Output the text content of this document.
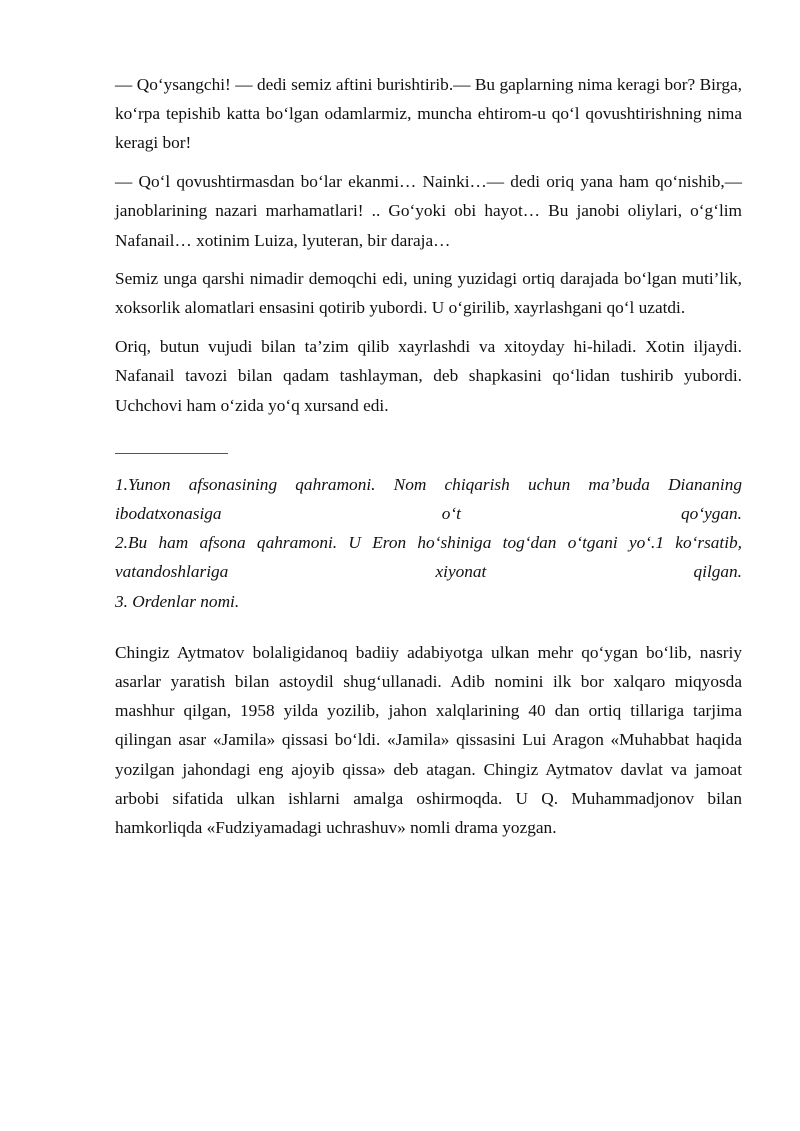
— Qo‘ysangchi! — dedi semiz aftini burishtirib.— Bu gaplarning nima keragi bor? Birga, ko‘rpa tepishib katta bo‘lgan odamlarmiz, muncha ehtirom-u qo‘l qovushtirishning nima keragi bor!

— Qo‘l qovushtirmasdan bo‘lar ekanmi… Nainki…— dedi oriq yana ham qo‘nishib,— janoblarining nazari marhamatlari! .. Go‘yoki obi hayot… Bu janobi oliylari, o‘g‘lim Nafanail… xotinim Luiza, lyuteran, bir daraja…

Semiz unga qarshi nimadir demoqchi edi, uning yuzidagi ortiq darajada bo‘lgan muti’lik, xoksorlik alomatlari ensasini qotirib yubordi. U o‘girilib, xayrlashgani qo‘l uzatdi.

Oriq, butun vujudi bilan ta’zim qilib xayrlashdi va xitoyday hi-hiladi. Xotin iljaydi. Nafanail tavozi bilan qadam tashlayman, deb shapkasini qo‘lidan tushirib yubordi. Uchchovi ham o‘zida yo‘q xursand edi.

1.Yunon afsonasining qahramoni. Nom chiqarish uchun ma’buda Diananing ibodatxonasiga o‘t qo‘ygan.
2.Bu ham afsona qahramoni. U Eron ho‘shiniga tog‘dan o‘tgani yo‘.1 ko‘rsatib, vatandoshlariga xiyonat qilgan.
3. Ordenlar nomi.

Chingiz Aytmatov bolaligidanoq badiiy adabiyotga ulkan mehr qo‘ygan bo‘lib, nasriy asarlar yaratish bilan astoydil shug‘ullanadi. Adib nomini ilk bor xalqaro miqyosda mashhur qilgan, 1958 yilda yozilib, jahon xalqlarining 40 dan ortiq tillariga tarjima qilingan asar «Jamila» qissasi bo‘ldi. «Jamila» qissasini Lui Aragon «Muhabbat haqida yozilgan jahondagi eng ajoyib qissa» deb atagan. Chingiz Aytmatov davlat va jamoat arbobi sifatida ulkan ishlarni amalga oshirmoqda. U Q. Muhammadjonov bilan hamkorliqda «Fudziyamadagi uchrashuv» nomli drama yozgan.
